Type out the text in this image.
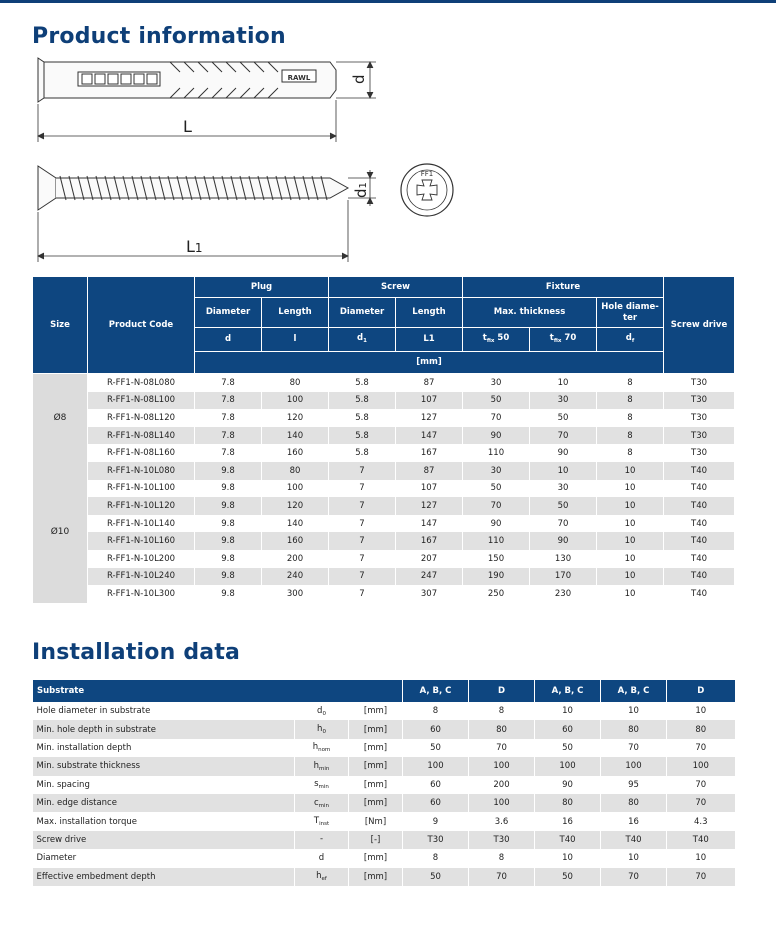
Product information
RAWL	d
L
d1
FF1
L1
Size	Product Code	Plug		Screw		Fixture			Screw drive
		Diameter	Length	Diameter	Length	Max. thickness		Hole diame-ter	
		d	l	$d_1$	L1	$t_{fix}$ 50	$t_{fix}$ 70	$d_f$
		[mm]							
Ø8	R-FF1-N-08L080	7.8	80	5.8	87	30	10	8	T30
	R-FF1-N-08L100	7.8	100	5.8	107	50	30	8	T30
	R-FF1-N-08L120	7.8	120	5.8	127	70	50	8	T30
	R-FF1-N-08L140	7.8	140	5.8	147	90	70	8	T30
	R-FF1-N-08L160	7.8	160	5.8	167	110	90	8	T30
Ø10	R-FF1-N-10L080	9.8	80	7	87	30	10	10	T40
	R-FF1-N-10L100	9.8	100	7	107	50	30	10	T40
	R-FF1-N-10L120	9.8	120	7	127	70	50	10	T40
	R-FF1-N-10L140	9.8	140	7	147	90	70	10	T40
	R-FF1-N-10L160	9.8	160	7	167	110	90	10	T40
	R-FF1-N-10L200	9.8	200	7	207	150	130	10	T40
	R-FF1-N-10L240	9.8	240	7	247	190	170	10	T40
	R-FF1-N-10L300	9.8	300	7	307	250	230	10	T40
Installation data
Substrate			A, B, C	D	A, B, C	A, B, C	D
Hole diameter in substrate	$d_0$	[mm]	8	8	10	10	10
Min. hole depth in substrate	$h_0$	[mm]	60	80	60	80	80
Min. installation depth	$h_{nom}$	[mm]	50	70	50	70	70
Min. substrate thickness	$h_{min}$	[mm]	100	100	100	100	100
Min. spacing	$s_{min}$	[mm]	60	200	90	95	70
Min. edge distance	$c_{min}$	[mm]	60	100	80	80	70
Max. installation torque	$T_{inst}$	[Nm]	9	3.6	16	16	4.3
Screw drive	-	[-]	T30	T30	T40	T40	T40
Diameter	d	[mm]	8	8	10	10	10
Effective embedment depth	$h_{ef}$	[mm]	50	70	50	70	70
